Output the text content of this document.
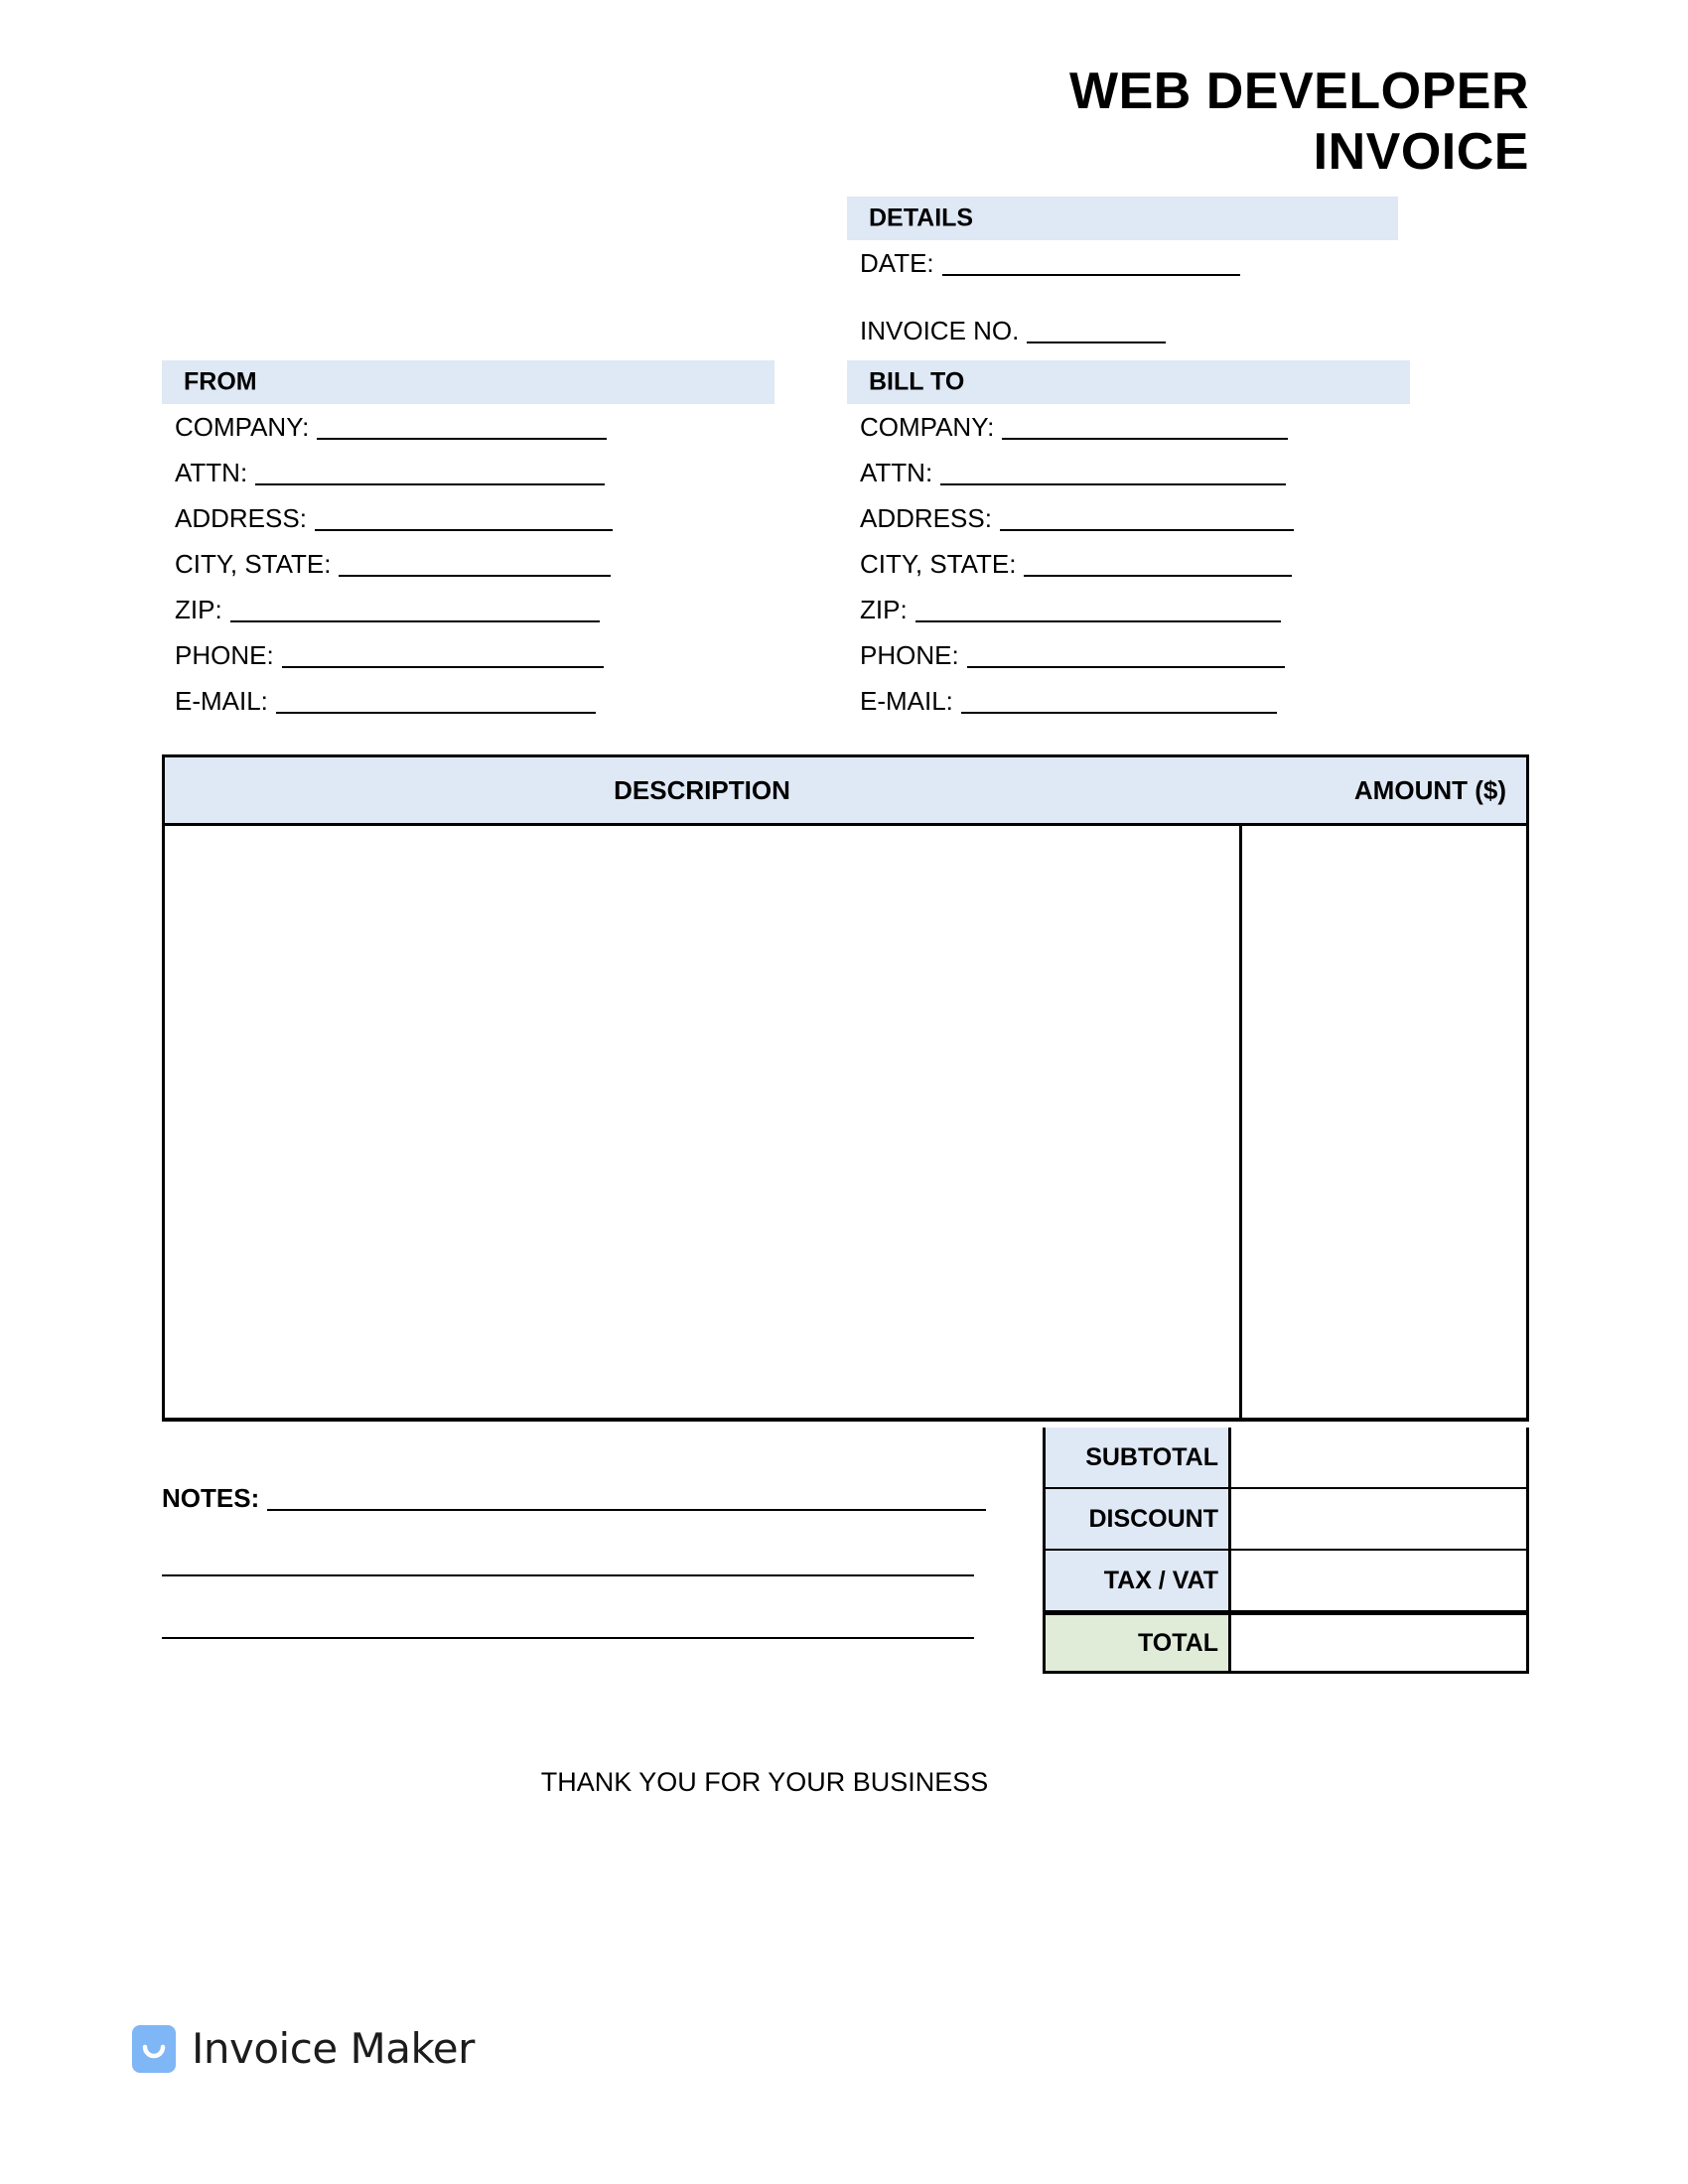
WEB DEVELOPER
INVOICE
DETAILS
DATE:
INVOICE NO.
FROM
COMPANY:
ATTN:
ADDRESS:
CITY, STATE:
ZIP:
PHONE:
E-MAIL:
BILL TO
COMPANY:
ATTN:
ADDRESS:
CITY, STATE:
ZIP:
PHONE:
E-MAIL:
DESCRIPTION	AMOUNT ($)
SUBTOTAL
DISCOUNT
TAX / VAT
TOTAL
NOTES:
THANK YOU FOR YOUR BUSINESS
Invoice Maker
